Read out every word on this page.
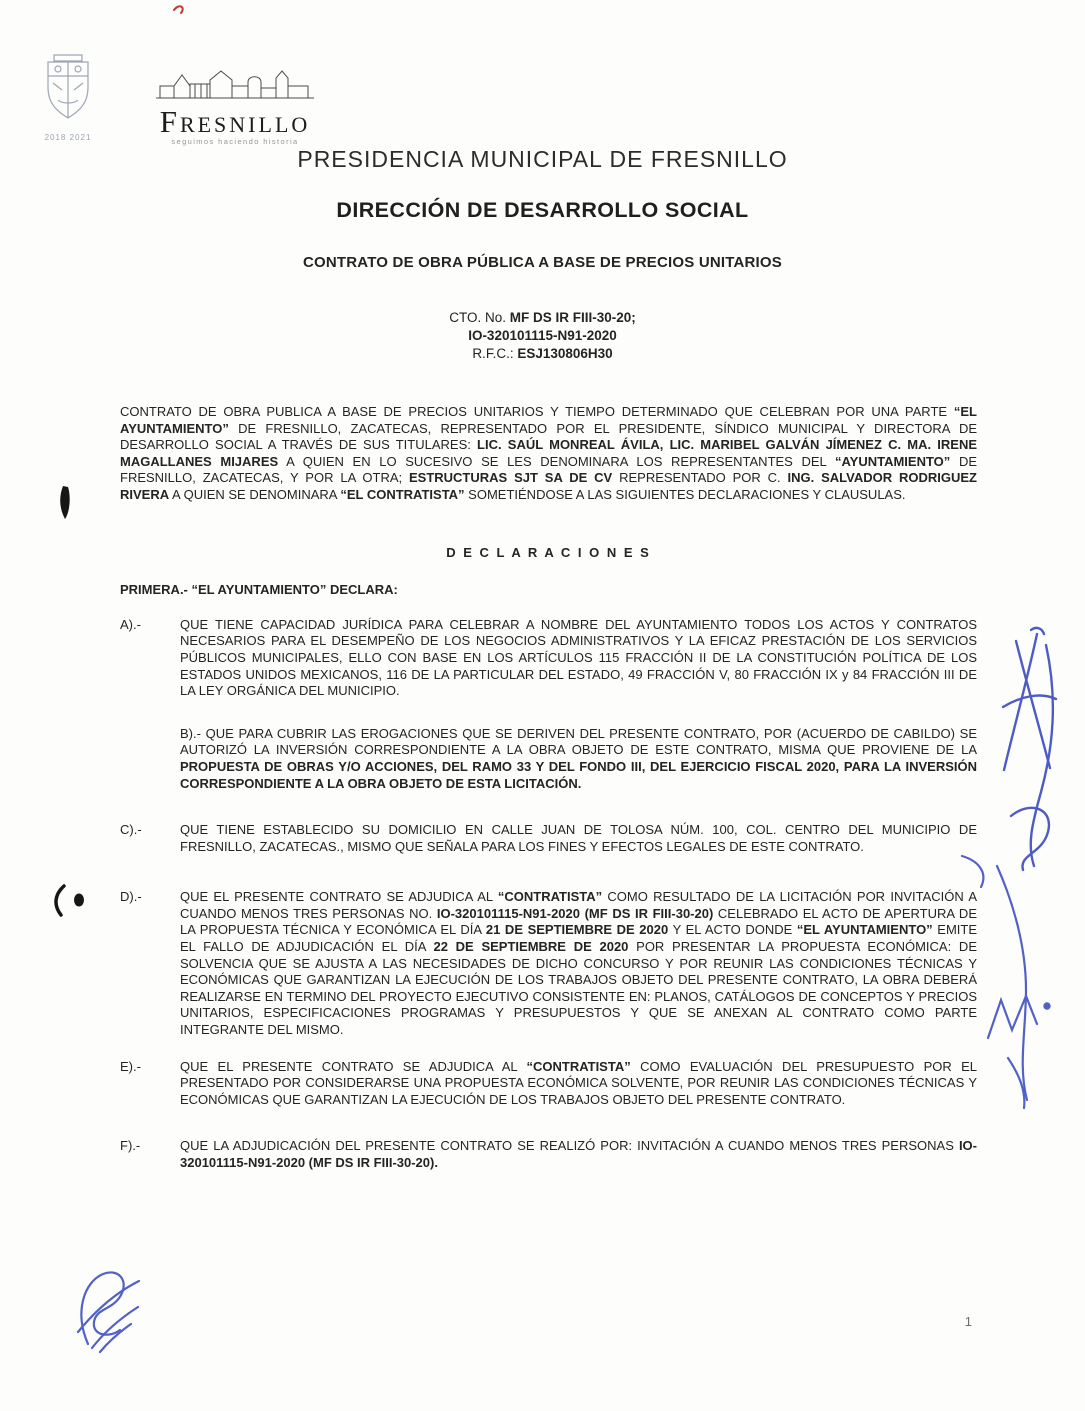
2018 2021	Fresnillo
seguimos haciendo historia
PRESIDENCIA MUNICIPAL DE FRESNILLO
DIRECCIÓN DE DESARROLLO SOCIAL
CONTRATO DE OBRA PÚBLICA A BASE DE PRECIOS UNITARIOS
CTO. No. MF DS IR FIII-30-20;
IO-320101115-N91-2020
R.F.C.: ESJ130806H30

CONTRATO DE OBRA PUBLICA A BASE DE PRECIOS UNITARIOS Y TIEMPO DETERMINADO QUE CELEBRAN POR UNA PARTE “EL AYUNTAMIENTO” DE FRESNILLO, ZACATECAS, REPRESENTADO POR EL PRESIDENTE, SÍNDICO MUNICIPAL Y DIRECTORA DE DESARROLLO SOCIAL A TRAVÉS DE SUS TITULARES: LIC. SAÚL MONREAL ÁVILA, LIC. MARIBEL GALVÁN JÍMENEZ C. MA. IRENE MAGALLANES MIJARES A QUIEN EN LO SUCESIVO SE LES DENOMINARA LOS REPRESENTANTES DEL “AYUNTAMIENTO” DE FRESNILLO, ZACATECAS, Y POR LA OTRA; ESTRUCTURAS SJT SA DE CV REPRESENTADO POR C. ING. SALVADOR RODRIGUEZ RIVERA A QUIEN SE DENOMINARA “EL CONTRATISTA” SOMETIÉNDOSE A LAS SIGUIENTES DECLARACIONES Y CLAUSULAS.

D E C L A R A C I O N E S
PRIMERA.- “EL AYUNTAMIENTO” DECLARA:
A).-	QUE TIENE CAPACIDAD JURÍDICA PARA CELEBRAR A NOMBRE DEL AYUNTAMIENTO TODOS LOS ACTOS Y CONTRATOS NECESARIOS PARA EL DESEMPEÑO DE LOS NEGOCIOS ADMINISTRATIVOS Y LA EFICAZ PRESTACIÓN DE LOS SERVICIOS PÚBLICOS MUNICIPALES, ELLO CON BASE EN LOS ARTÍCULOS 115 FRACCIÓN II DE LA CONSTITUCIÓN POLÍTICA DE LOS ESTADOS UNIDOS MEXICANOS, 116 DE LA PARTICULAR DEL ESTADO, 49 FRACCIÓN V, 80 FRACCIÓN IX y 84 FRACCIÓN III DE LA LEY ORGÁNICA DEL MUNICIPIO.
B).- QUE PARA CUBRIR LAS EROGACIONES QUE SE DERIVEN DEL PRESENTE CONTRATO, POR (ACUERDO DE CABILDO) SE AUTORIZÓ LA INVERSIÓN CORRESPONDIENTE A LA OBRA OBJETO DE ESTE CONTRATO, MISMA QUE PROVIENE DE LA PROPUESTA DE OBRAS Y/O ACCIONES, DEL RAMO 33 Y DEL FONDO III, DEL EJERCICIO FISCAL 2020, PARA LA INVERSIÓN CORRESPONDIENTE A LA OBRA OBJETO DE ESTA LICITACIÓN.
C).-	QUE TIENE ESTABLECIDO SU DOMICILIO EN CALLE JUAN DE TOLOSA NÚM. 100, COL. CENTRO DEL MUNICIPIO DE FRESNILLO, ZACATECAS., MISMO QUE SEÑALA PARA LOS FINES Y EFECTOS LEGALES DE ESTE CONTRATO.
D).-	QUE EL PRESENTE CONTRATO SE ADJUDICA AL “CONTRATISTA” COMO RESULTADO DE LA LICITACIÓN POR INVITACIÓN A CUANDO MENOS TRES PERSONAS NO. IO-320101115-N91-2020 (MF DS IR FIII-30-20) CELEBRADO EL ACTO DE APERTURA DE LA PROPUESTA TÉCNICA Y ECONÓMICA EL DÍA 21 DE SEPTIEMBRE DE 2020 Y EL ACTO DONDE “EL AYUNTAMIENTO” EMITE EL FALLO DE ADJUDICACIÓN EL DÍA 22 DE SEPTIEMBRE DE 2020 POR PRESENTAR LA PROPUESTA ECONÓMICA: DE SOLVENCIA QUE SE AJUSTA A LAS NECESIDADES DE DICHO CONCURSO Y POR REUNIR LAS CONDICIONES TÉCNICAS Y ECONÓMICAS QUE GARANTIZAN LA EJECUCIÓN DE LOS TRABAJOS OBJETO DEL PRESENTE CONTRATO, LA OBRA DEBERÁ REALIZARSE EN TERMINO DEL PROYECTO EJECUTIVO CONSISTENTE EN: PLANOS, CATÁLOGOS DE CONCEPTOS Y PRECIOS UNITARIOS, ESPECIFICACIONES PROGRAMAS Y PRESUPUESTOS Y QUE SE ANEXAN AL CONTRATO COMO PARTE INTEGRANTE DEL MISMO.
E).-	QUE EL PRESENTE CONTRATO SE ADJUDICA AL “CONTRATISTA” COMO EVALUACIÓN DEL PRESUPUESTO POR EL PRESENTADO POR CONSIDERARSE UNA PROPUESTA ECONÓMICA SOLVENTE, POR REUNIR LAS CONDICIONES TÉCNICAS Y ECONÓMICAS QUE GARANTIZAN LA EJECUCIÓN DE LOS TRABAJOS OBJETO DEL PRESENTE CONTRATO.
F).-	QUE LA ADJUDICACIÓN DEL PRESENTE CONTRATO SE REALIZÓ POR: INVITACIÓN A CUANDO MENOS TRES PERSONAS IO-320101115-N91-2020 (MF DS IR FIII-30-20).
1
